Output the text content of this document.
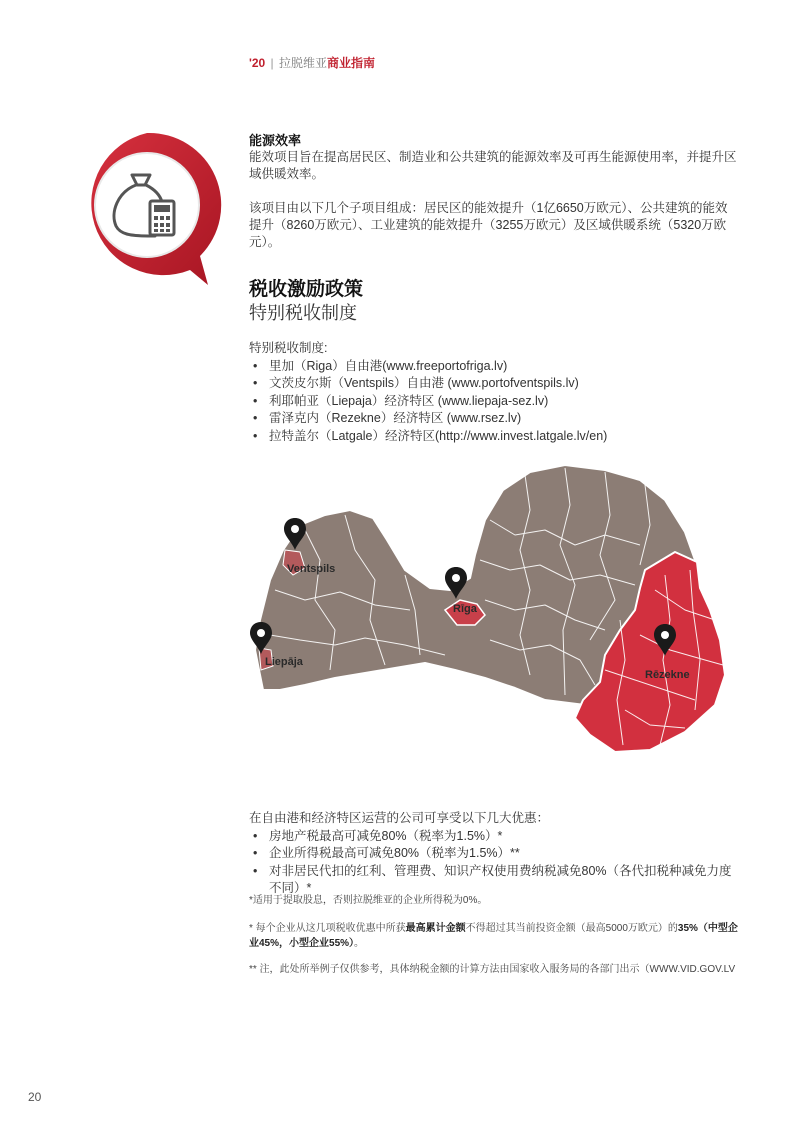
'20 | 拉脱维亚商业指南
能源效率

能效项目旨在提高居民区、制造业和公共建筑的能源效率及可再生能源使用率，并提升区域供暖效率。

该项目由以下几个子项目组成：居民区的能效提升（1亿6650万欧元）、公共建筑的能效提升（8260万欧元）、工业建筑的能效提升（3255万欧元）及区域供暖系统（5320万欧元）。

税收激励政策
特别税收制度
特别税收制度:
• 里加（Riga）自由港(www.freeportofriga.lv)
• 文茨皮尔斯（Ventspils）自由港 (www.portofventspils.lv)
• 利耶帕亚（Liepaja）经济特区 (www.liepaja-sez.lv)
• 雷泽克内（Rezekne）经济特区 (www.rsez.lv)
• 拉特盖尔（Latgale）经济特区(http://www.invest.latgale.lv/en)
Ventspils
Rīga
Liepāja
Rēzekne
在自由港和经济特区运营的公司可享受以下几大优惠：
• 房地产税最高可减免80%（税率为1.5%）*
• 企业所得税最高可减免80%（税率为1.5%）**
• 对非居民代扣的红利、管理费、知识产权使用费纳税减免80%（各代扣税种减免力度不同）*
*适用于提取股息，否则拉脱维亚的企业所得税为0%。
* 每个企业从这几项税收优惠中所获最高累计金额不得超过其当前投资金额（最高5000万欧元）的35%（中型企业45%，小型企业55%）。
** 注，此处所举例子仅供参考，具体纳税金额的计算方法由国家收入服务局的各部门出示（WWW.VID.GOV.LV
20
